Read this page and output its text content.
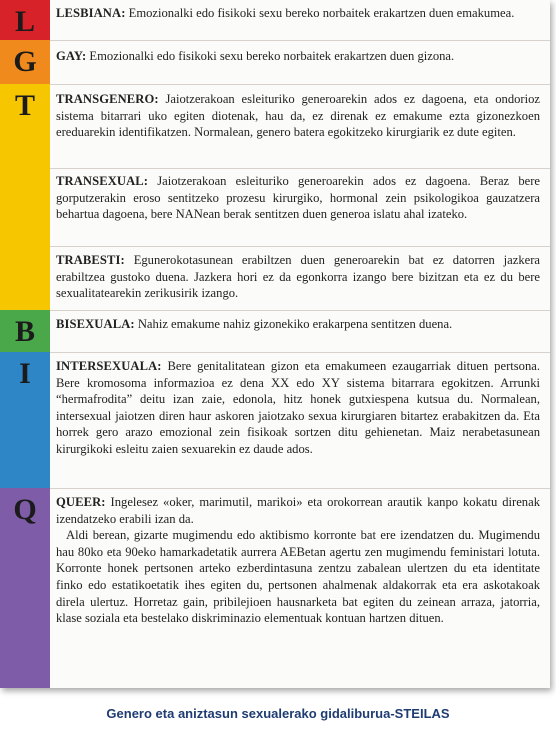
L
G
T
B
I
Q
LESBIANA: Emozionalki edo fisikoki sexu bereko norbaitek erakartzen duen emakumea.
GAY: Emozionalki edo fisikoki sexu bereko norbaitek erakartzen duen gizona.
TRANSGENERO: Jaiotzerakoan esleituriko generoarekin ados ez dagoena, eta ondorioz sistema bitarrari uko egiten diotenak, hau da, ez direnak ez emakume ezta gizonezkoen ereduarekin identifikatzen. Normalean, genero batera egokitzeko kirurgiarik ez dute egiten.
TRANSEXUAL: Jaiotzerakoan esleituriko generoarekin ados ez dagoena. Beraz bere gorputzerakin eroso sentitzeko prozesu kirurgiko, hormonal zein psikologikoa gauzatzera behartua dagoena, bere NANean berak sentitzen duen generoa islatu ahal izateko.
TRABESTI: Egunerokotasunean erabiltzen duen generoarekin bat ez datorren jazkera erabiltzea gustoko duena. Jazkera hori ez da egonkorra izango bere bizitzan eta ez du bere sexualitatearekin zerikusirik izango.
BISEXUALA: Nahiz emakume nahiz gizonekiko erakarpena sentitzen duena.
INTERSEXUALA: Bere genitalitatean gizon eta emakumeen ezaugarriak dituen pertsona. Bere kromosoma informazioa ez dena XX edo XY sistema bitarrara egokitzen. Arrunki “hermafrodita” deitu izan zaie, edonola, hitz honek gutxiespena kutsua du. Normalean, intersexual jaiotzen diren haur askoren jaiotzako sexua kirurgiaren bitartez erabakitzen da. Eta horrek gero arazo emozional zein fisikoak sortzen ditu gehienetan. Maiz nerabetasunean kirurgikoki esleitu zaien sexuarekin ez daude ados.

QUEER: Ingelesez «oker, marimutil, marikoi» eta orokorrean arautik kanpo kokatu direnak izendatzeko erabili izan da.

Aldi berean, gizarte mugimendu edo aktibismo korronte bat ere izendatzen du. Mugimendu hau 80ko eta 90eko hamarkadetatik aurrera AEBetan agertu zen mugimendu feministari lotuta. Korronte honek pertsonen arteko ezberdintasuna zentzu zabalean ulertzen du eta identitate finko edo estatikoetatik ihes egiten du, pertsonen ahalmenak aldakorrak eta era askotakoak direla ulertuz. Horretaz gain, pribilejioen hausnarketa bat egiten du zeinean arraza, jatorria, klase soziala eta bestelako diskriminazio elementuak kontuan hartzen dituen.

Genero eta aniztasun sexualerako gidaliburua-STEILAS
